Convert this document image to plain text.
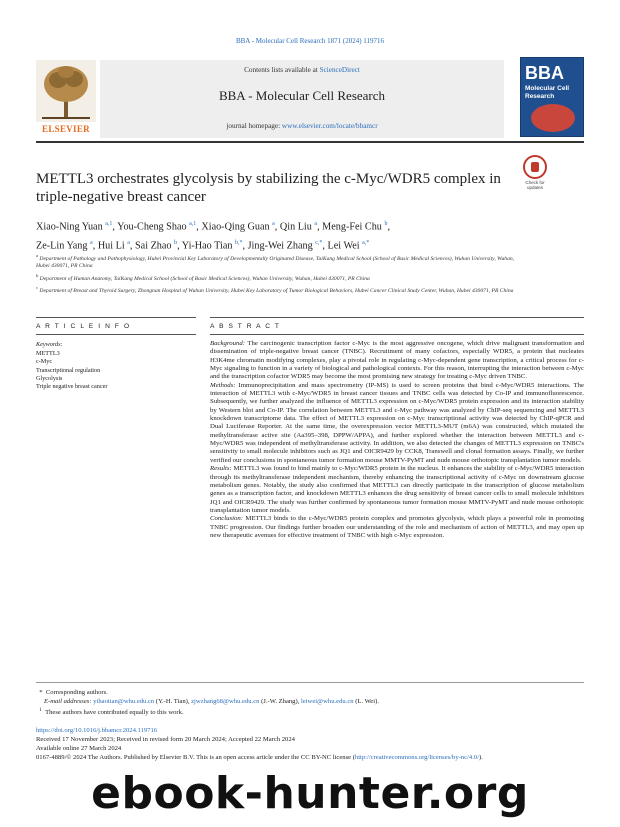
BBA - Molecular Cell Research 1871 (2024) 119716
ELSEVIER
Contents lists available at ScienceDirect
BBA - Molecular Cell Research
journal homepage: www.elsevier.com/locate/bbamcr
BBA
Molecular Cell Research
METTL3 orchestrates glycolysis by stabilizing the c-Myc/WDR5 complex in triple-negative breast cancer
Check for updates
Xiao-Ning Yuan $^{a,1}$, You-Cheng Shao $^{a,1}$, Xiao-Qing Guan $^a$, Qin Liu $^a$, Meng-Fei Chu $^b$,
Ze-Lin Yang $^a$, Hui Li $^a$, Sai Zhao $^b$, Yi-Hao Tian $^{b,*}$, Jing-Wei Zhang $^{c,*}$, Lei Wei $^{a,*}$

$^a$ Department of Pathology and Pathophysiology, Hubei Provincial Key Laboratory of Developmentally Originated Disease, TaiKang Medical School (School of Basic Medical Sciences), Wuhan University, Wuhan, Hubei 430071, PR China

$^b$ Department of Human Anatomy, TaiKang Medical School (School of Basic Medical Sciences), Wuhan University, Wuhan, Hubei 430071, PR China

$^c$ Department of Breast and Thyroid Surgery, Zhongnan Hospital of Wuhan University, Hubei Key Laboratory of Tumor Biological Behaviors, Hubei Cancer Clinical Study Center, Wuhan, Hubei 430071, PR China

A R T I C L E I N F O	A B S T R A C T
Keywords:
METTL3
c-Myc
Transcriptional regulation
Glycolysis
Triple negative breast cancer

Background: The carcinogenic transcription factor c-Myc is the most aggressive oncogene, which drive malignant transformation and dissemination of triple-negative breast cancer (TNBC). Recruitment of many cofactors, especially WDR5, a protein that nucleates H3K4me chromatin modifying complexes, play a pivotal role in regulating c-Myc-dependent gene transcription, a critical process for c-Myc signaling to function in a variety of biological and pathological contexts. For this reason, interrupting the interaction between c-Myc and the transcription cofactor WDR5 may become the most promising new strategy for treating c-Myc driven TNBC.

Methods: Immunoprecipitation and mass spectrometry (IP-MS) is used to screen proteins that bind c-Myc/WDR5 interactions. The interaction of METTL3 with c-Myc/WDR5 in breast cancer tissues and TNBC cells was detected by Co-IP and immunofluorescence. Subsequently, we further analyzed the influence of METTL3 expression on c-Myc/WDR5 protein expression and its interaction stability by Western blot and Co-IP. The correlation between METTL3 and c-Myc pathway was analyzed by ChIP-seq sequencing and METTL3 knockdown transcriptome data. The effect of METTL3 expression on c-Myc transcriptional activity was detected by ChIP-qPCR and Dual Luciferase Reporter. At the same time, the overexpression vector METTL3-MUT (m6A) was constructed, which mutated the methyltransferase active site (Aa395–398, DPPW/APPA), and further explored whether the interaction between METTL3 and c-Myc/WDR5 was independent of methyltransferase activity. In addition, we also detected the changes of METTL3 expression on TNBC's sensitivity to small molecule inhibitors such as JQ1 and OICR9429 by CCK8, Transwell and clonal formation assays. Finally, we further verified our conclusions in spontaneous tumor formation mouse MMTV-PyMT and nude mouse orthotopic transplantation tumor models.

Results: METTL3 was found to bind mainly to c-Myc/WDR5 protein in the nucleus. It enhances the stability of c-Myc/WDR5 interaction through its methyltransferase independent mechanism, thereby enhancing the transcriptional activity of c-Myc on downstream glucose metabolism genes. Notably, the study also confirmed that METTL3 can directly participate in the transcription of glucose metabolism genes as a transcription factor, and knockdown METTL3 enhances the drug sensitivity of breast cancer cells to small molecule inhibitors JQ1 and OICR9429. The study was further confirmed by spontaneous tumor formation mouse MMTV-PyMT and nude mouse orthotopic transplantation tumor models.

Conclusion: METTL3 binds to the c-Myc/WDR5 protein complex and promotes glycolysis, which plays a powerful role in promoting TNBC progression. Our findings further broaden our understanding of the role and mechanism of action of METTL3, and may open up new therapeutic avenues for effective treatment of TNBC with high c-Myc expression.

*  Corresponding authors.

E-mail addresses: yihaotian@whu.edu.cn (Y.-H. Tian), zjwzhang68@whu.edu.cn (J.-W. Zhang), leiwei@whu.edu.cn (L. Wei).

$^1$ These authors have contributed equally to this work.

https://doi.org/10.1016/j.bbamcr.2024.119716

Received 17 November 2023; Received in revised form 20 March 2024; Accepted 22 March 2024

Available online 27 March 2024

0167-4889/© 2024 The Authors. Published by Elsevier B.V. This is an open access article under the CC BY-NC license (http://creativecommons.org/licenses/by-nc/4.0/).

ebook-hunter.org
